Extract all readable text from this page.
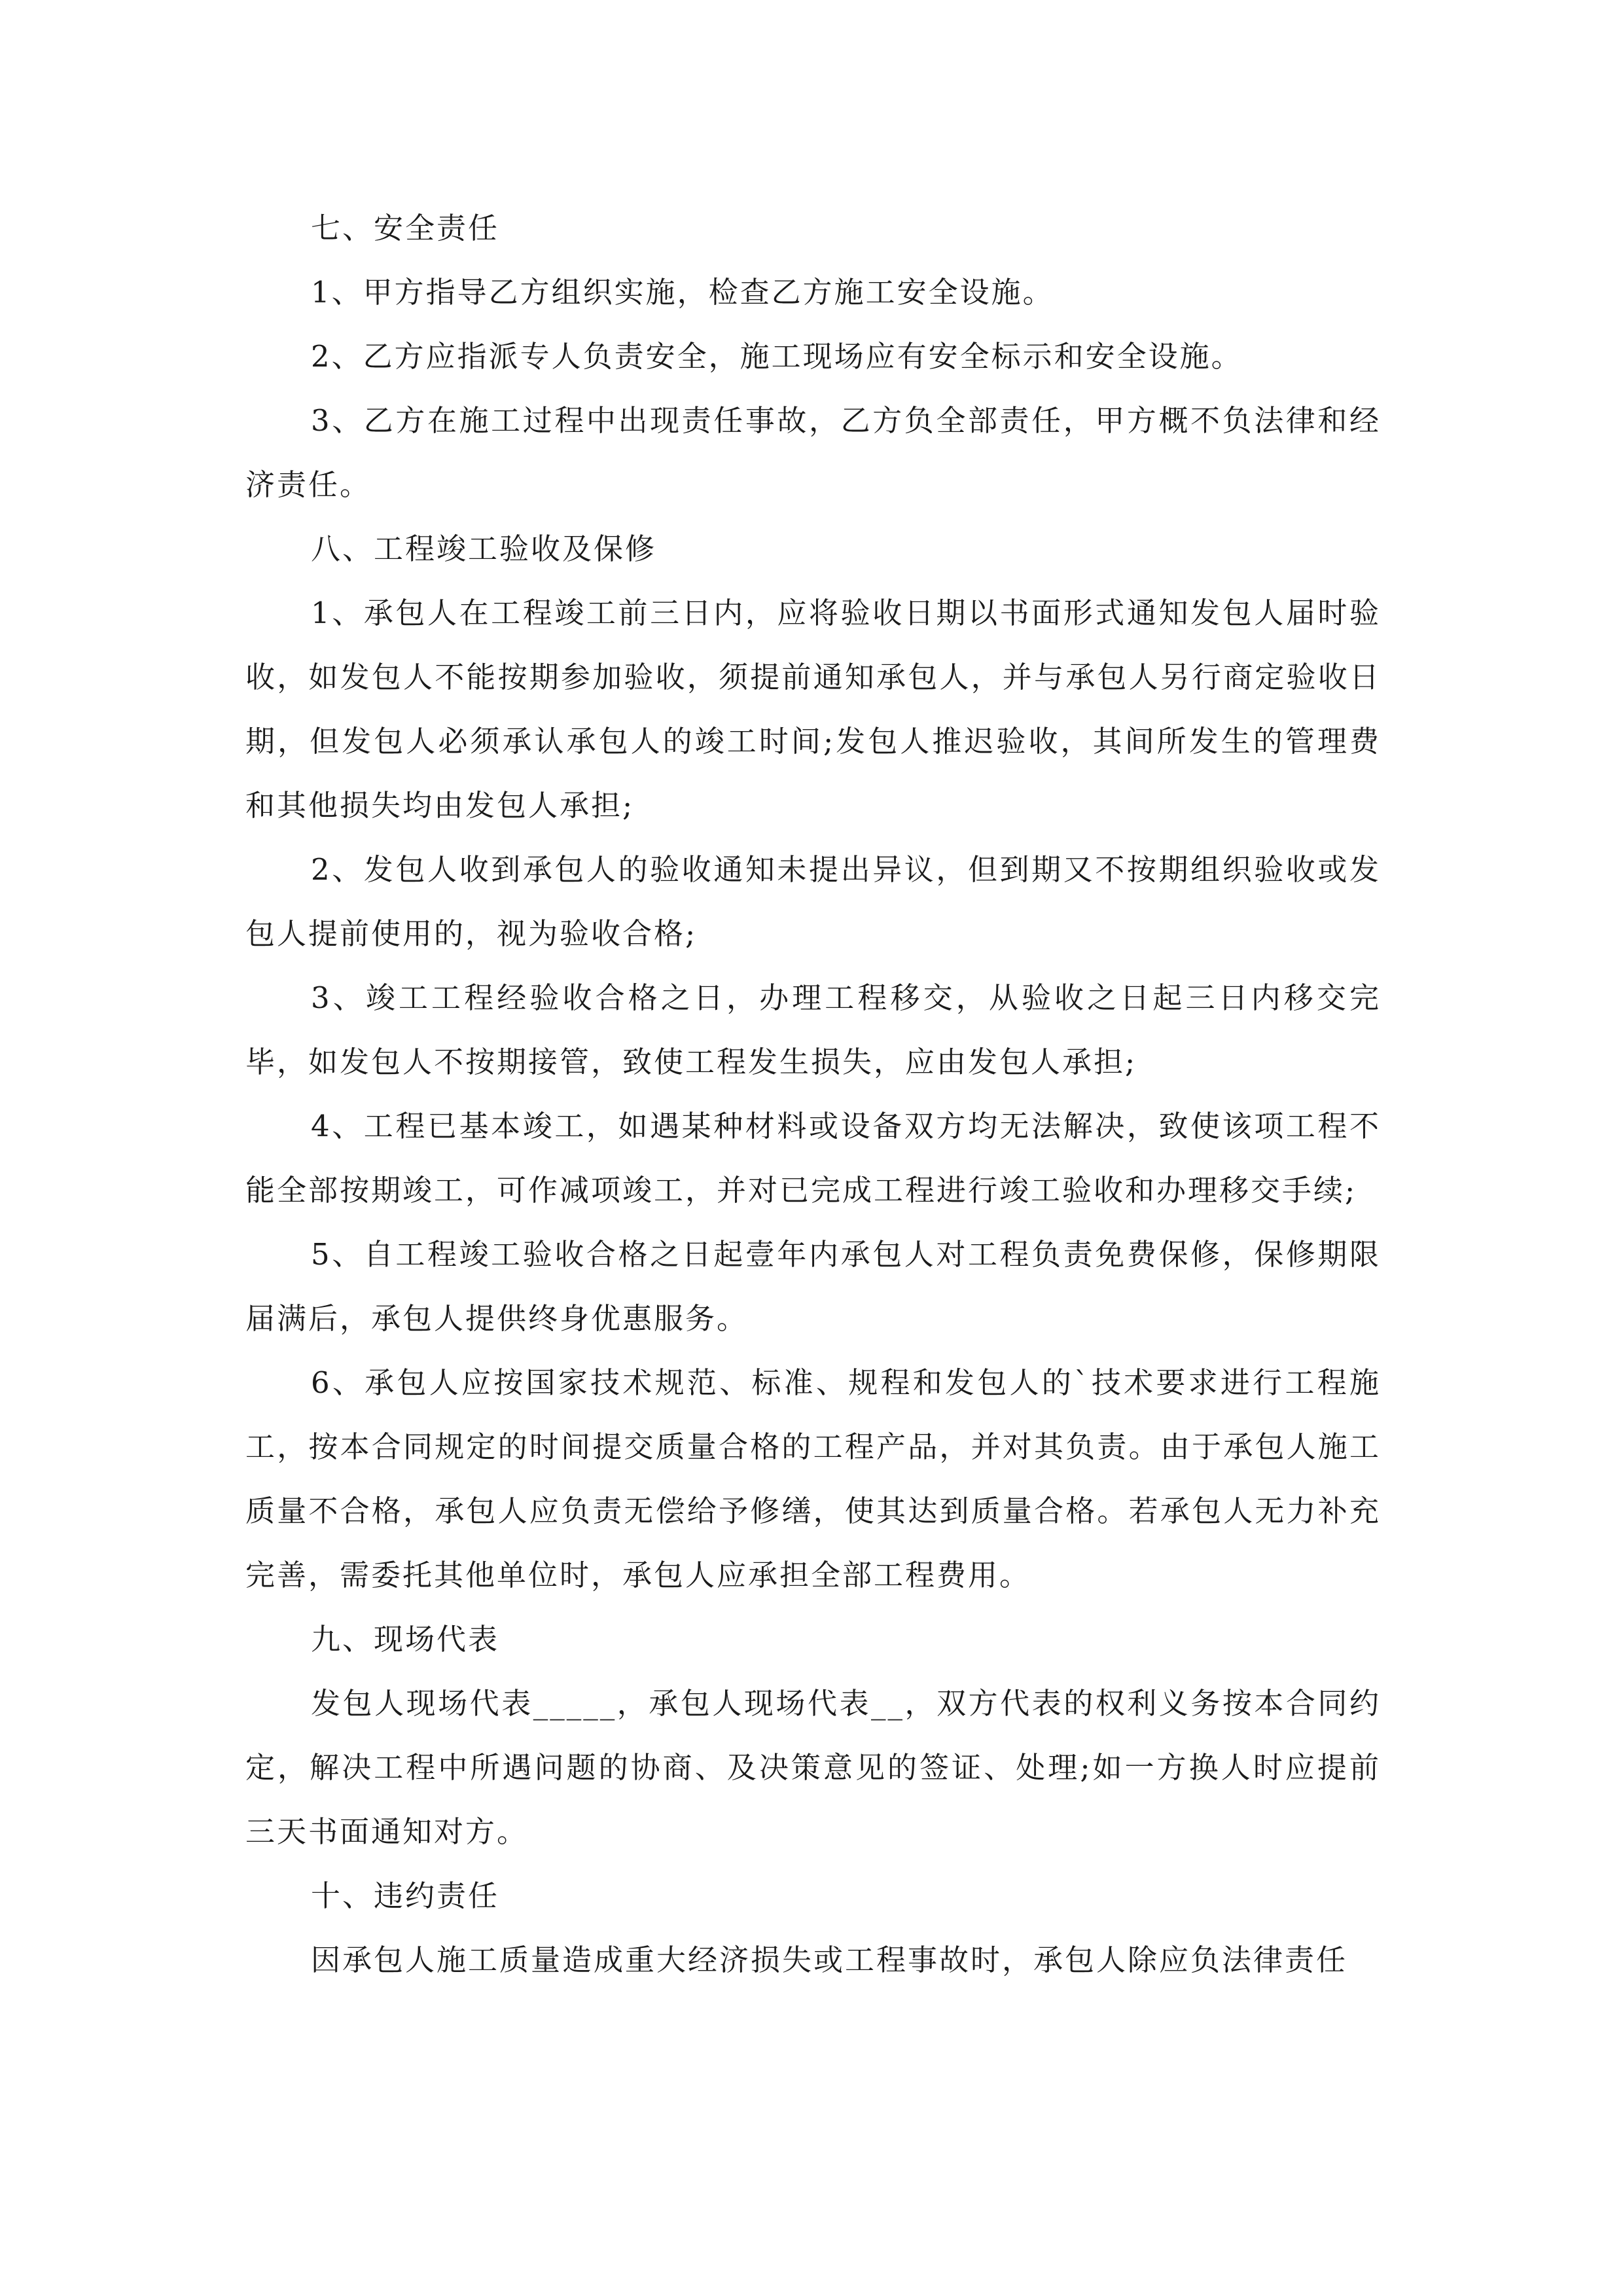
七、安全责任

1、甲方指导乙方组织实施，检查乙方施工安全设施。

2、乙方应指派专人负责安全，施工现场应有安全标示和安全设施。

3、乙方在施工过程中出现责任事故，乙方负全部责任，甲方概不负法律和经济责任。

八、工程竣工验收及保修

1、承包人在工程竣工前三日内，应将验收日期以书面形式通知发包人届时验收，如发包人不能按期参加验收，须提前通知承包人，并与承包人另行商定验收日期，但发包人必须承认承包人的竣工时间;发包人推迟验收，其间所发生的管理费和其他损失均由发包人承担;

2、发包人收到承包人的验收通知未提出异议，但到期又不按期组织验收或发包人提前使用的，视为验收合格;

3、竣工工程经验收合格之日，办理工程移交，从验收之日起三日内移交完毕，如发包人不按期接管，致使工程发生损失，应由发包人承担;

4、工程已基本竣工，如遇某种材料或设备双方均无法解决，致使该项工程不能全部按期竣工，可作减项竣工，并对已完成工程进行竣工验收和办理移交手续;

5、自工程竣工验收合格之日起壹年内承包人对工程负责免费保修，保修期限届满后，承包人提供终身优惠服务。

6、承包人应按国家技术规范、标准、规程和发包人的`技术要求进行工程施工，按本合同规定的时间提交质量合格的工程产品，并对其负责。由于承包人施工质量不合格，承包人应负责无偿给予修缮，使其达到质量合格。若承包人无力补充完善，需委托其他单位时，承包人应承担全部工程费用。

九、现场代表

发包人现场代表_____，承包人现场代表__，双方代表的权利义务按本合同约定，解决工程中所遇问题的协商、及决策意见的签证、处理;如一方换人时应提前三天书面通知对方。

十、违约责任

因承包人施工质量造成重大经济损失或工程事故时，承包人除应负法律责任
